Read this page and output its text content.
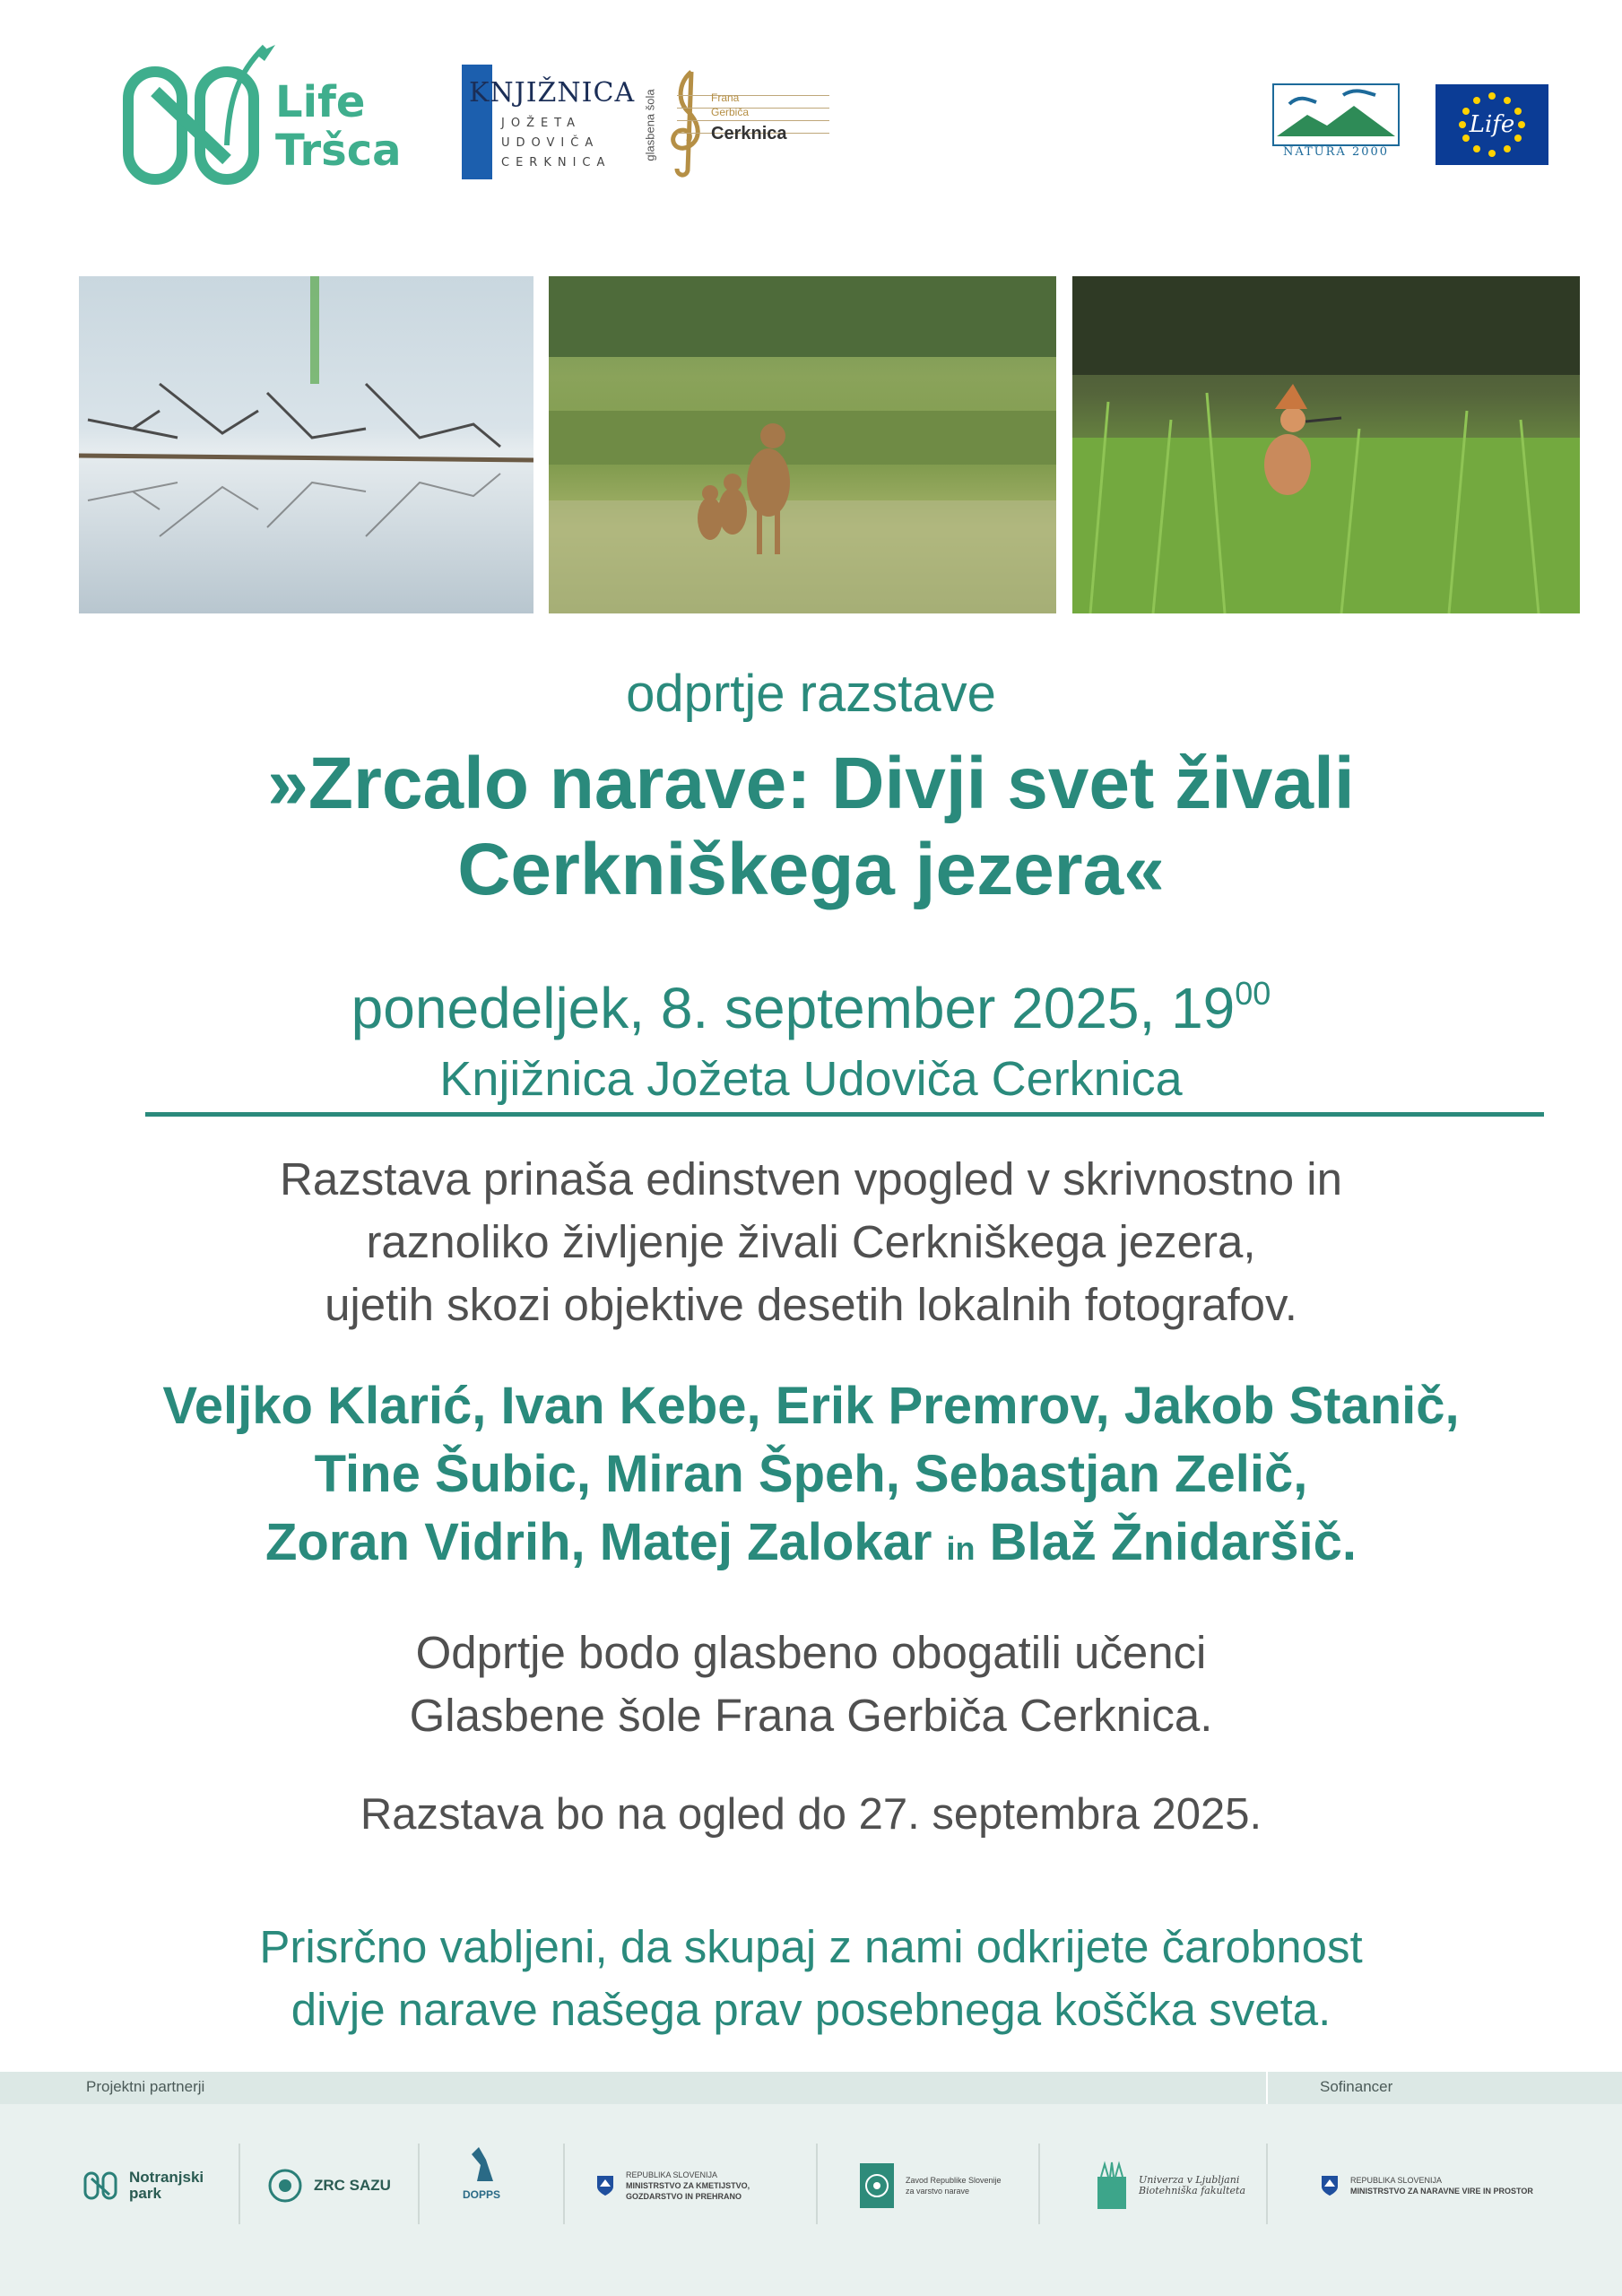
Life
Tršca
KNJIŽNICA
JOŽETA
UDOVIČA
CERKNICA
glasbena šola	Frana
Gerbiča
Cerknica
NATURA 2000
Life
odprtje razstave
»Zrcalo narave: Divji svet živali
Cerkniškega jezera«
ponedeljek, 8. september 2025, $19^{00}$
Knjižnica Jožeta Udoviča Cerknica
Razstava prinaša edinstven vpogled v skrivnostno in
raznoliko življenje živali Cerkniškega jezera,
ujetih skozi objektive desetih lokalnih fotografov.
Veljko Klarić, Ivan Kebe, Erik Premrov, Jakob Stanič,
Tine Šubic, Miran Špeh, Sebastjan Zelič,
Zoran Vidrih, Matej Zalokar in Blaž Žnidaršič.
Odprtje bodo glasbeno obogatili učenci
Glasbene šole Frana Gerbiča Cerknica.
Razstava bo na ogled do 27. septembra 2025.
Prisrčno vabljeni, da skupaj z nami odkrijete čarobnost
divje narave našega prav posebnega koščka sveta.
Projektni partnerji	Sofinancer
Notranjski
park	ZRC SAZU
DOPPS
REPUBLIKA SLOVENIJA
MINISTRSTVO ZA KMETIJSTVO,
GOZDARSTVO IN PREHRANO
Zavod Republike Slovenije
za varstvo narave
Univerza v Ljubljani
Biotehniška fakulteta
REPUBLIKA SLOVENIJA
MINISTRSTVO ZA NARAVNE VIRE IN PROSTOR
